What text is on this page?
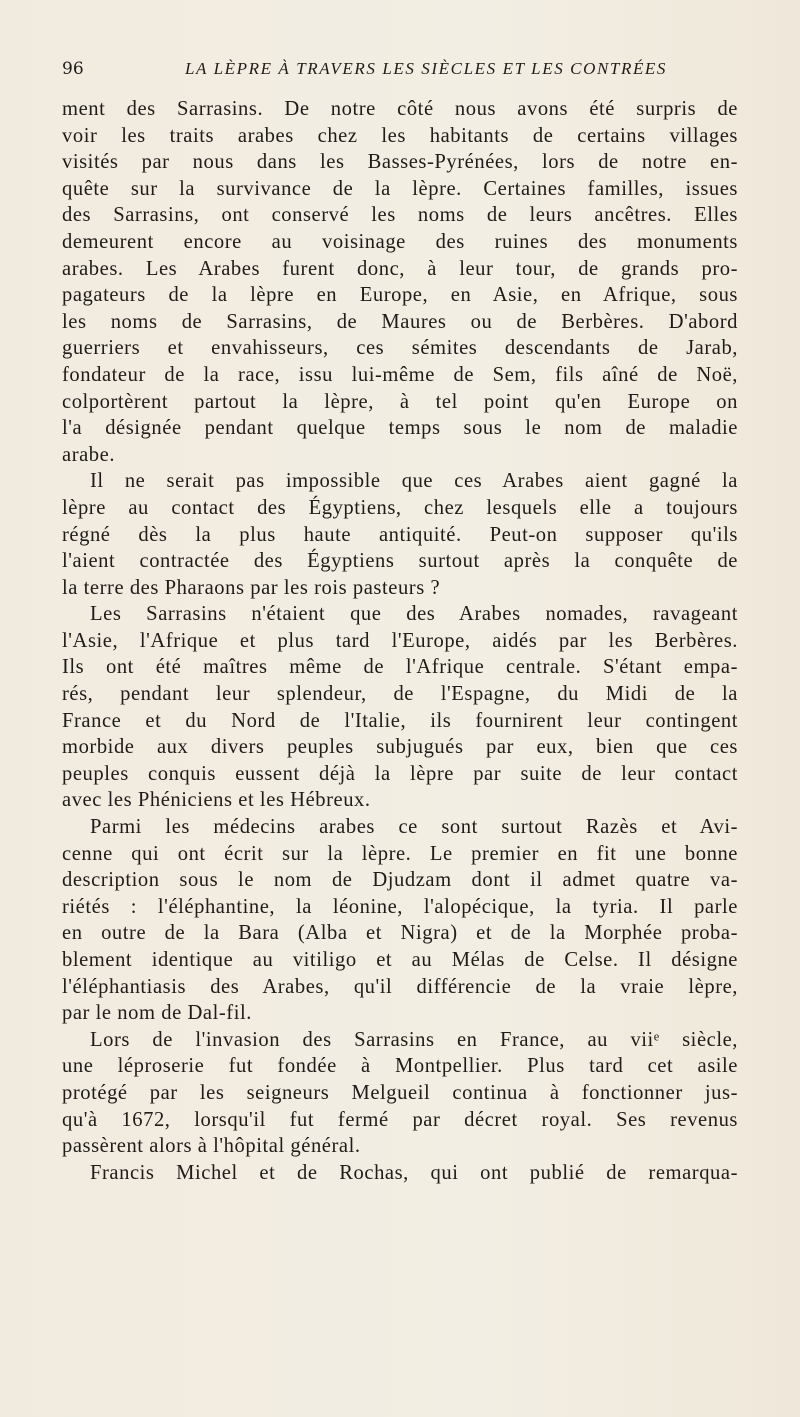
96	LA LÈPRE À TRAVERS LES SIÈCLES ET LES CONTRÉES
ment des Sarrasins. De notre côté nous avons été surpris de
voir les traits arabes chez les habitants de certains villages
visités par nous dans les Basses-Pyrénées, lors de notre en-
quête sur la survivance de la lèpre. Certaines familles, issues
des Sarrasins, ont conservé les noms de leurs ancêtres. Elles
demeurent encore au voisinage des ruines des monuments
arabes. Les Arabes furent donc, à leur tour, de grands pro-
pagateurs de la lèpre en Europe, en Asie, en Afrique, sous
les noms de Sarrasins, de Maures ou de Berbères. D'abord
guerriers et envahisseurs, ces sémites descendants de Jarab,
fondateur de la race, issu lui-même de Sem, fils aîné de Noë,
colportèrent partout la lèpre, à tel point qu'en Europe on
l'a désignée pendant quelque temps sous le nom de maladie
arabe.
Il ne serait pas impossible que ces Arabes aient gagné la
lèpre au contact des Égyptiens, chez lesquels elle a toujours
régné dès la plus haute antiquité. Peut-on supposer qu'ils
l'aient contractée des Égyptiens surtout après la conquête de
la terre des Pharaons par les rois pasteurs ?
Les Sarrasins n'étaient que des Arabes nomades, ravageant
l'Asie, l'Afrique et plus tard l'Europe, aidés par les Berbères.
Ils ont été maîtres même de l'Afrique centrale. S'étant empa-
rés, pendant leur splendeur, de l'Espagne, du Midi de la
France et du Nord de l'Italie, ils fournirent leur contingent
morbide aux divers peuples subjugués par eux, bien que ces
peuples conquis eussent déjà la lèpre par suite de leur contact
avec les Phéniciens et les Hébreux.
Parmi les médecins arabes ce sont surtout Razès et Avi-
cenne qui ont écrit sur la lèpre. Le premier en fit une bonne
description sous le nom de Djudzam dont il admet quatre va-
riétés : l'éléphantine, la léonine, l'alopécique, la tyria. Il parle
en outre de la Bara (Alba et Nigra) et de la Morphée proba-
blement identique au vitiligo et au Mélas de Celse. Il désigne
l'éléphantiasis des Arabes, qu'il différencie de la vraie lèpre,
par le nom de Dal-fil.
Lors de l'invasion des Sarrasins en France, au viiᵉ siècle,
une léproserie fut fondée à Montpellier. Plus tard cet asile
protégé par les seigneurs Melgueil continua à fonctionner jus-
qu'à 1672, lorsqu'il fut fermé par décret royal. Ses revenus
passèrent alors à l'hôpital général.
Francis Michel et de Rochas, qui ont publié de remarqua-
